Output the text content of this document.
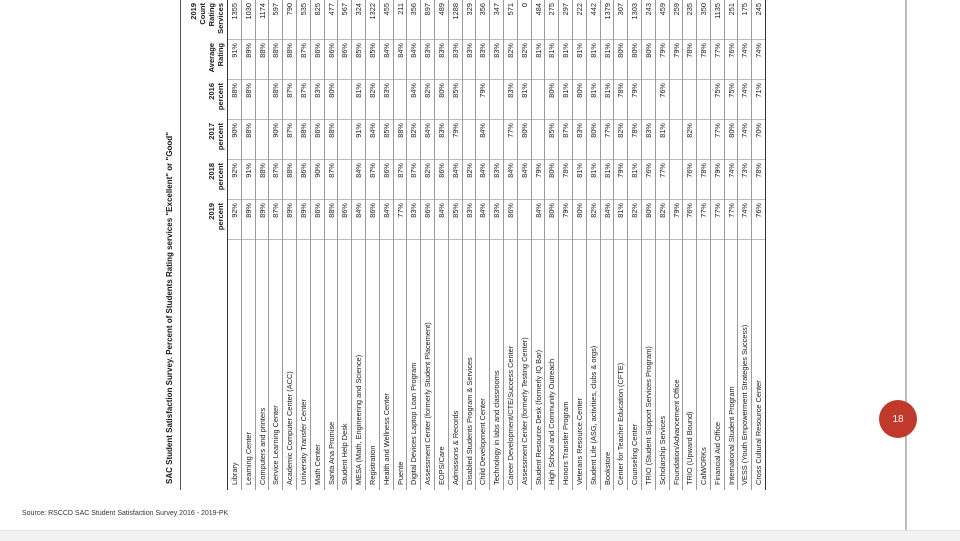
SAC Student Satisfaction Survey. Percent of Students Rating services "Excellent" or "Good"	2019
percent
2018
percent
2017
percent
2016
percent
Average
Rating
2019 Count
Rating
Services
Library
92%
92%
90%
88%
91%
1355
Learning Center
89%
91%
88%
88%
89%
1030
Computers and printers
89%
88%
88%
1174
Service Learning Center
87%
87%
90%
88%
88%
597
Academic Computer Center (ACC)
89%
88%
87%
87%
88%
790
University Transfer Center
89%
86%
88%
87%
87%
535
Math Center
86%
90%
86%
83%
86%
825
Santa Ana Promise
88%
87%
88%
80%
86%
477
Student Help Desk
86%
86%
567
MESA (Math, Engineering and Science)
84%
84%
91%
81%
85%
324
Registration
86%
87%
84%
82%
85%
1322
Health and Wellness Center
84%
86%
85%
83%
84%
455
Puente
77%
87%
88%
84%
211
Digital Devices Laptop Loan Program
83%
87%
82%
84%
84%
356
Assessment Center (formerly Student Placement)
86%
82%
84%
82%
83%
897
EOPS/Care
84%
86%
83%
80%
83%
489
Admissions & Records
85%
84%
79%
85%
83%
1288
Disabled Students Program & Services
83%
82%
83%
329
Child Development Center
84%
84%
84%
79%
83%
356
Technology in labs and classrooms
83%
83%
83%
347
Career Development/CTE/Success Center
86%
84%
77%
83%
82%
571
Assessment Center (formerly Testing Center)
84%
80%
81%
82%
0
Student Resource Desk (formerly IQ Bar)
84%
79%
81%
484
High School and Community Outreach
80%
80%
85%
80%
81%
275
Honors Transfer Program
79%
78%
87%
81%
81%
297
Veterans Resource Center
80%
81%
83%
80%
81%
222
Student Life (ASG, activities, clubs & orgs)
82%
81%
80%
81%
81%
442
Bookstore
84%
81%
77%
81%
81%
1379
Center for Teacher Education (CFTE)
81%
79%
82%
78%
80%
307
Counseling Center
82%
81%
78%
79%
80%
1303
TRIO (Student Support Services Program)
80%
76%
83%
80%
243
Scholarship Services
82%
77%
81%
76%
79%
459
Foundation/Advancement Office
79%
79%
259
TRIO (Upward Bound)
76%
76%
82%
78%
235
CalWORKs
77%
78%
78%
350
Financial Aid Office
77%
79%
77%
75%
77%
1135
International Student Program
77%
74%
80%
75%
76%
251
VESS (Youth Empowerment Strategies Success)
74%
73%
74%
74%
74%
175
Cross Cultural Resource Center
76%
78%
70%
71%
74%
245
18
Source: RSCCD SAC Student Satisfaction Survey 2016 - 2019-PK
